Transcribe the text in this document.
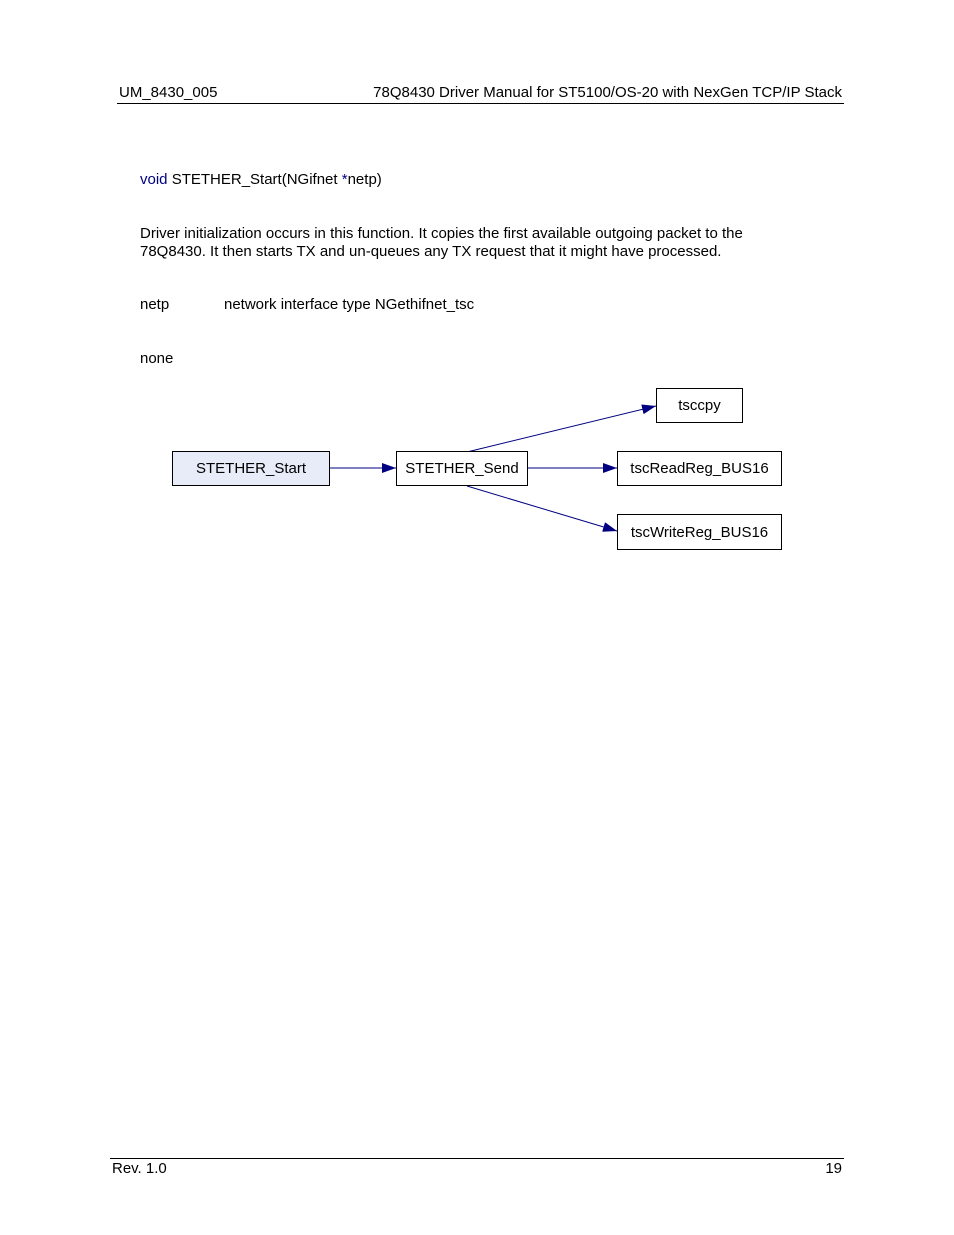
UM_8430_005	78Q8430 Driver Manual for ST5100/OS-20 with NexGen TCP/IP Stack
void STETHER_Start(NGifnet *netp)
Driver initialization occurs in this function. It copies the first available outgoing packet to the
78Q8430. It then starts TX and un-queues any TX request that it might have processed.
netp	network interface type NGethifnet_tsc
none
STETHER_Start	STETHER_Send
tsccpy
tscReadReg_BUS16
tscWriteReg_BUS16
Rev. 1.0	19
